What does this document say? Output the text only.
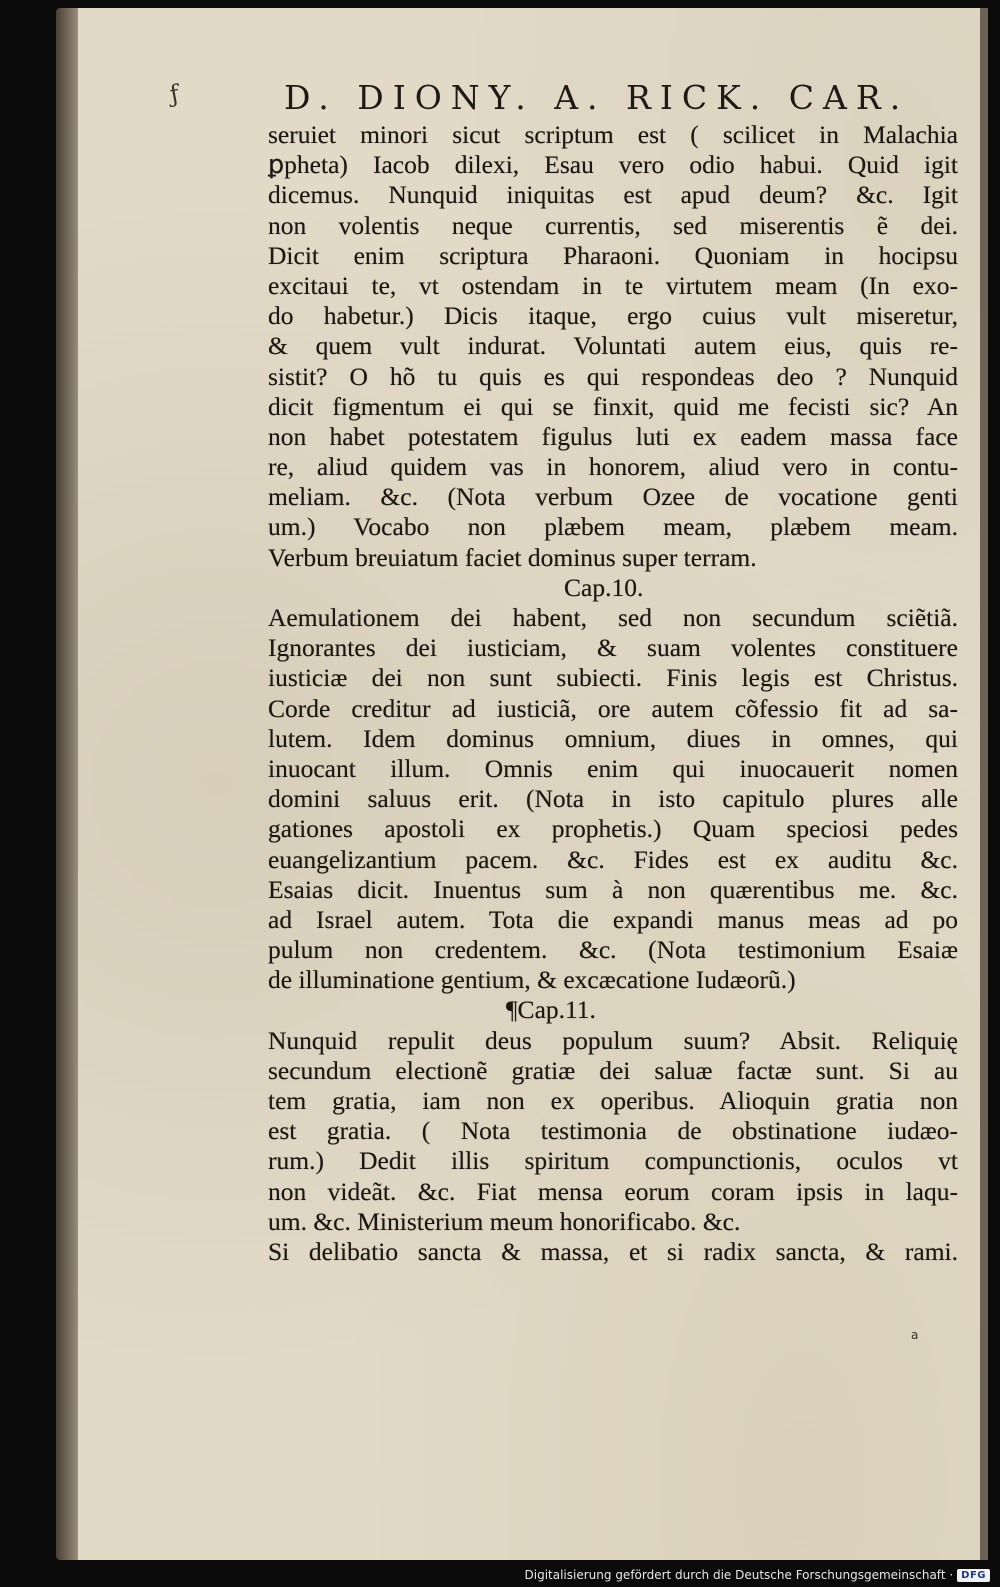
ƒ	D. DIONY. A. RICK. CAR.
seruiet minori sicut scriptum est ( scilicet in Malachia
ꝑpheta) Iacob dilexi, Esau vero odio habui. Quid igit
dicemus. Nunquid iniquitas est apud deum? &c. Igit
non volentis neque currentis, sed miserentis ẽ dei.
Dicit enim scriptura Pharaoni. Quoniam in hocipsu
excitaui te, vt ostendam in te virtutem meam (In exo-
do habetur.) Dicis itaque, ergo cuius vult miseretur,
& quem vult indurat. Voluntati autem eius, quis re-
sistit? O hõ tu quis es qui respondeas deo ? Nunquid
dicit figmentum ei qui se finxit, quid me fecisti sic? An
non habet potestatem figulus luti ex eadem massa face
re, aliud quidem vas in honorem, aliud vero in contu-
meliam. &c. (Nota verbum Ozee de vocatione genti
um.) Vocabo non plæbem meam, plæbem meam.
Verbum breuiatum faciet dominus super terram.
Cap.10.
Aemulationem dei habent, sed non secundum sciẽtiã.
Ignorantes dei iusticiam, & suam volentes constituere
iusticiæ dei non sunt subiecti. Finis legis est Christus.
Corde creditur ad iusticiã, ore autem cõfessio fit ad sa-
lutem. Idem dominus omnium, diues in omnes, qui
inuocant illum. Omnis enim qui inuocauerit nomen
domini saluus erit. (Nota in isto capitulo plures alle
gationes apostoli ex prophetis.) Quam speciosi pedes
euangelizantium pacem. &c. Fides est ex auditu &c.
Esaias dicit. Inuentus sum à non quærentibus me. &c.
ad Israel autem. Tota die expandi manus meas ad po
pulum non credentem. &c. (Nota testimonium Esaiæ
de illuminatione gentium, & excæcatione Iudæorũ.)
¶Cap.11.
Nunquid repulit deus populum suum? Absit. Reliquię
secundum electionẽ gratiæ dei saluæ factæ sunt. Si au
tem gratia, iam non ex operibus. Alioquin gratia non
est gratia. ( Nota testimonia de obstinatione iudæo-
rum.) Dedit illis spiritum compunctionis, oculos vt
non videãt. &c. Fiat mensa eorum coram ipsis in laqu-
um. &c. Ministerium meum honorificabo. &c.
Si delibatio sancta & massa, et si radix sancta, & rami.
a
Digitalisierung gefördert durch die Deutsche Forschungsgemeinschaft · DFG
